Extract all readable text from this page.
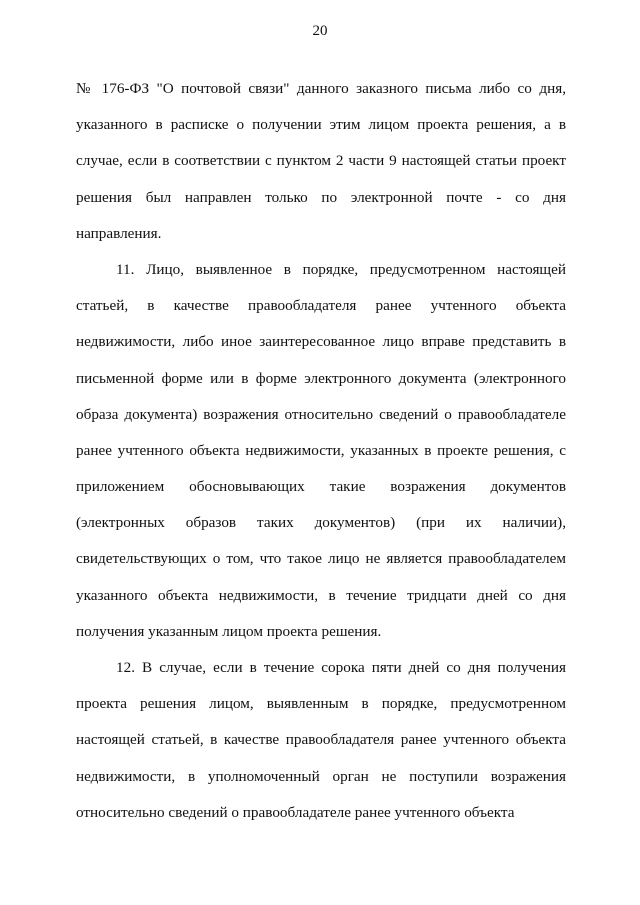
20
№ 176-ФЗ "О почтовой связи" данного заказного письма либо со дня,
указанного в расписке о получении этим лицом проекта решения, а в
случае, если в соответствии с пунктом 2 части 9 настоящей статьи проект
решения был направлен только по электронной почте - со дня
направления.
11. Лицо, выявленное в порядке, предусмотренном настоящей
статьей, в качестве правообладателя ранее учтенного объекта
недвижимости, либо иное заинтересованное лицо вправе представить в
письменной форме или в форме электронного документа (электронного
образа документа) возражения относительно сведений о правообладателе
ранее учтенного объекта недвижимости, указанных в проекте решения, с
приложением обосновывающих такие возражения документов
(электронных образов таких документов) (при их наличии),
свидетельствующих о том, что такое лицо не является правообладателем
указанного объекта недвижимости, в течение тридцати дней со дня
получения указанным лицом проекта решения.
12. В случае, если в течение сорока пяти дней со дня получения
проекта решения лицом, выявленным в порядке, предусмотренном
настоящей статьей, в качестве правообладателя ранее учтенного объекта
недвижимости, в уполномоченный орган не поступили возражения
относительно сведений о правообладателе ранее учтенного объекта
